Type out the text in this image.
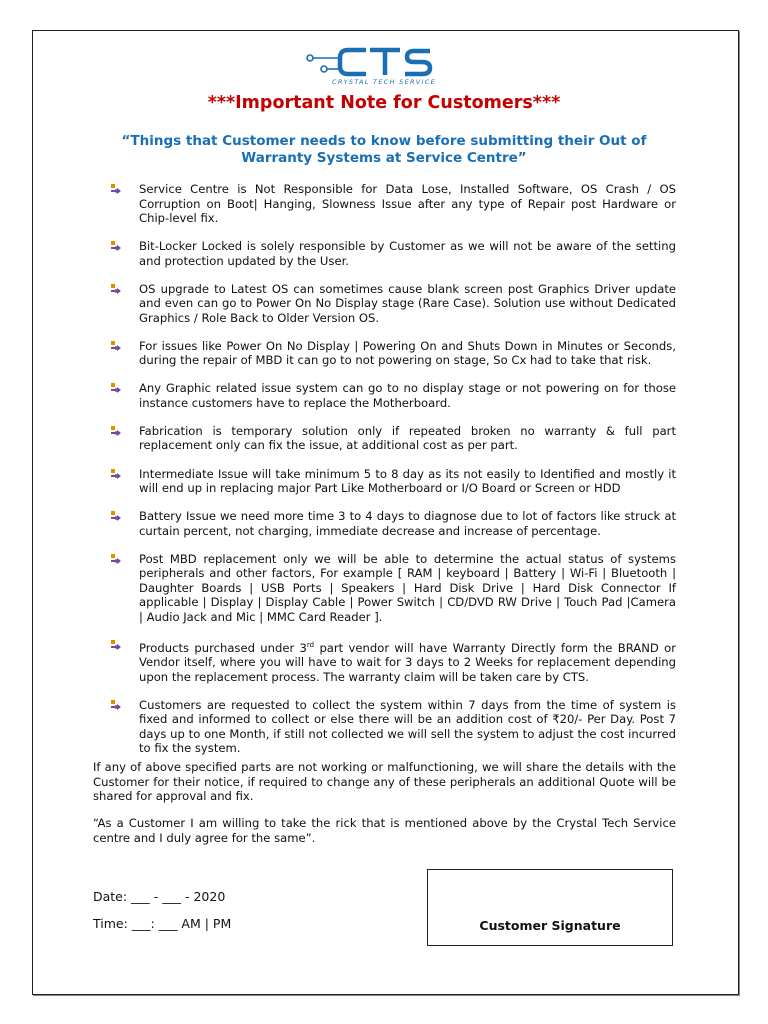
CRYSTAL TECH SERVICE
***Important Note for Customers***
“Things that Customer needs to know before submitting their Out of Warranty Systems at Service Centre”
Service Centre is Not Responsible for Data Lose, Installed Software, OS Crash / OS Corruption on Boot| Hanging, Slowness Issue after any type of Repair post Hardware or Chip-level fix.
Bit-Locker Locked is solely responsible by Customer as we will not be aware of the setting and protection updated by the User.
OS upgrade to Latest OS can sometimes cause blank screen post Graphics Driver update and even can go to Power On No Display stage (Rare Case). Solution use without Dedicated Graphics / Role Back to Older Version OS.
For issues like Power On No Display | Powering On and Shuts Down in Minutes or Seconds, during the repair of MBD it can go to not powering on stage, So Cx had to take that risk.
Any Graphic related issue system can go to no display stage or not powering on for those instance customers have to replace the Motherboard.
Fabrication is temporary solution only if repeated broken no warranty & full part replacement only can fix the issue, at additional cost as per part.
Intermediate Issue will take minimum 5 to 8 day as its not easily to Identified and mostly it will end up in replacing major Part Like Motherboard or I/O Board or Screen or HDD
Battery Issue we need more time 3 to 4 days to diagnose due to lot of factors like struck at curtain percent, not charging, immediate decrease and increase of percentage.
Post MBD replacement only we will be able to determine the actual status of systems peripherals and other factors, For example [ RAM | keyboard | Battery | Wi-Fi | Bluetooth | Daughter Boards | USB Ports | Speakers | Hard Disk Drive | Hard Disk Connector If applicable | Display | Display Cable | Power Switch | CD/DVD RW Drive | Touch Pad |Camera | Audio Jack and Mic | MMC Card Reader ].
Products purchased under 3rd part vendor will have Warranty Directly form the BRAND or Vendor itself, where you will have to wait for 3 days to 2 Weeks for replacement depending upon the replacement process. The warranty claim will be taken care by CTS.
Customers are requested to collect the system within 7 days from the time of system is fixed and informed to collect or else there will be an addition cost of ₹20/- Per Day. Post 7 days up to one Month, if still not collected we will sell the system to adjust the cost incurred to fix the system.

If any of above specified parts are not working or malfunctioning, we will share the details with the Customer for their notice, if required to change any of these peripherals an additional Quote will be shared for approval and fix.

“As a Customer I am willing to take the rick that is mentioned above by the Crystal Tech Service centre and I duly agree for the same”.

Date: ___ - ___ - 2020
Time: ___: ___ AM | PM	Customer Signature
